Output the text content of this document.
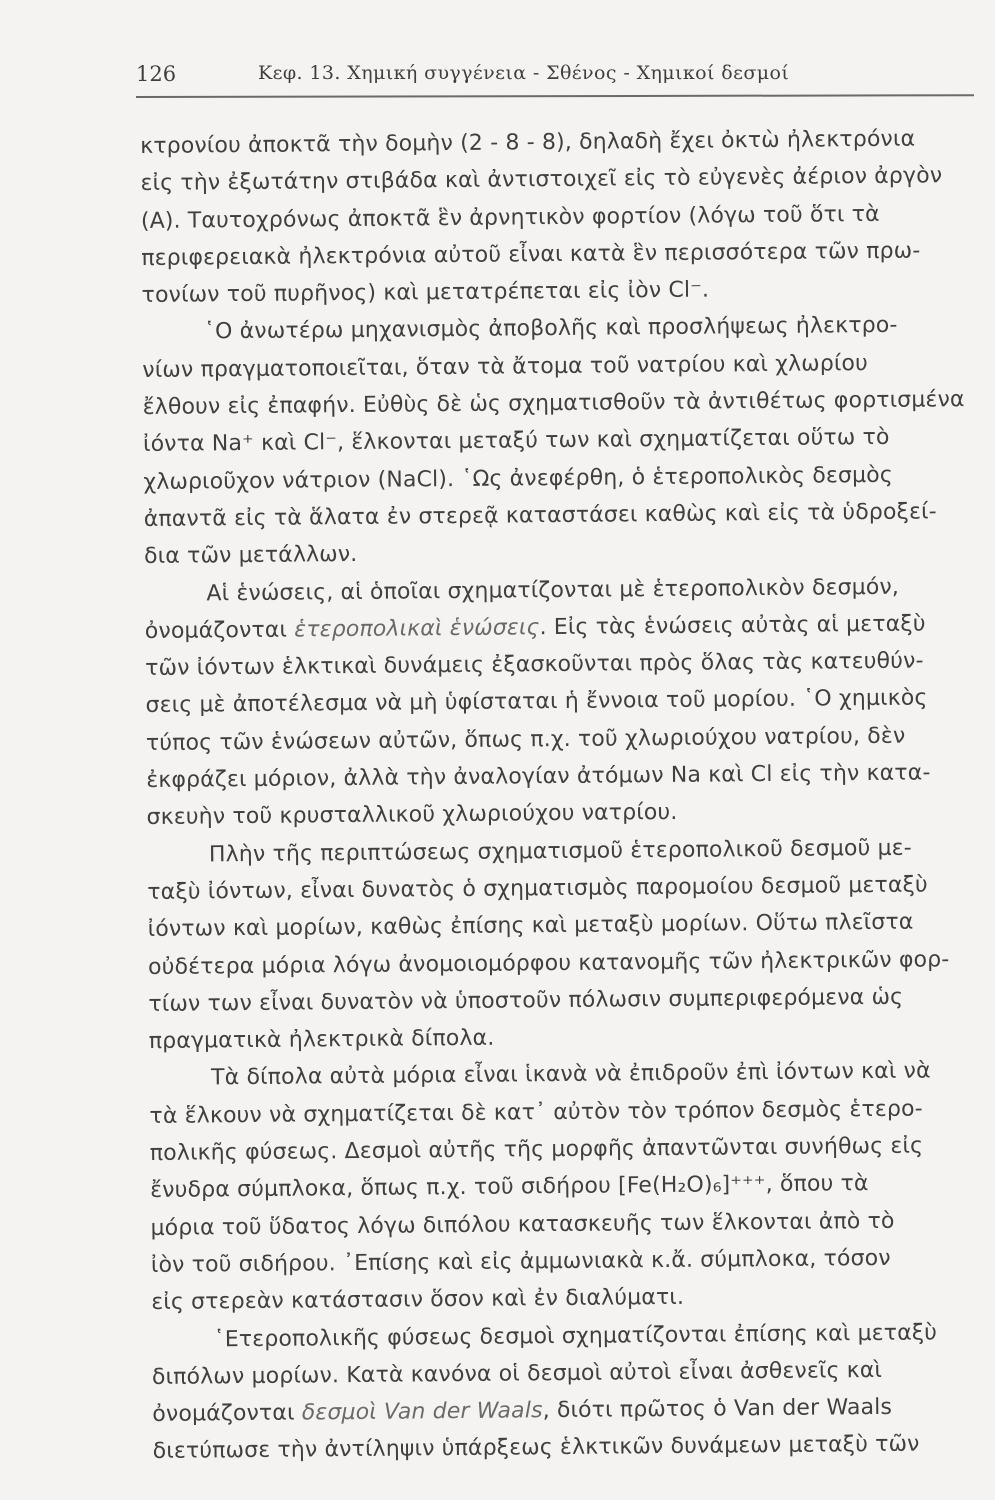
126	Κεφ. 13. Χημική συγγένεια - Σθένος - Χημικοί δεσμοί
κτρονίου ἀποκτᾶ τὴν δομὴν (2 - 8 - 8), δηλαδὴ ἔχει ὀκτὼ ἠλεκτρόνια
εἰς τὴν ἐξωτάτην στιβάδα καὶ ἀντιστοιχεῖ εἰς τὸ εὐγενὲς ἀέριον ἀργὸν
(Α). Ταυτοχρόνως ἀποκτᾶ ἓν ἀρνητικὸν φορτίον (λόγω τοῦ ὅτι τὰ
περιφερειακὰ ἠλεκτρόνια αὐτοῦ εἶναι κατὰ ἓν περισσότερα τῶν πρω-
τονίων τοῦ πυρῆνος) καὶ μετατρέπεται εἰς ἰὸν Cl⁻.
῾Ο ἀνωτέρω μηχανισμὸς ἀποβολῆς καὶ προσλήψεως ἠλεκτρο-
νίων πραγματοποιεῖται, ὅταν τὰ ἄτομα τοῦ νατρίου καὶ χλωρίου
ἔλθουν εἰς ἐπαφήν. Εὐθὺς δὲ ὡς σχηματισθοῦν τὰ ἀντιθέτως φορτισμένα
ἰόντα Na⁺ καὶ Cl⁻, ἕλκονται μεταξύ των καὶ σχηματίζεται οὕτω τὸ
χλωριοῦχον νάτριον (NaCl). ῾Ως ἀνεφέρθη, ὁ ἑτεροπολικὸς δεσμὸς
ἀπαντᾶ εἰς τὰ ἅλατα ἐν στερεᾷ καταστάσει καθὼς καὶ εἰς τὰ ὑδροξεί-
δια τῶν μετάλλων.
Αἱ ἑνώσεις, αἱ ὁποῖαι σχηματίζονται μὲ ἑτεροπολικὸν δεσμόν,
ὀνομάζονται ἑτεροπολικαὶ ἑνώσεις. Εἰς τὰς ἑνώσεις αὐτὰς αἱ μεταξὺ
τῶν ἰόντων ἑλκτικαὶ δυνάμεις ἐξασκοῦνται πρὸς ὅλας τὰς κατευθύν-
σεις μὲ ἀποτέλεσμα νὰ μὴ ὑφίσταται ἡ ἔννοια τοῦ μορίου. ῾Ο χημικὸς
τύπος τῶν ἑνώσεων αὐτῶν, ὅπως π.χ. τοῦ χλωριούχου νατρίου, δὲν
ἐκφράζει μόριον, ἀλλὰ τὴν ἀναλογίαν ἀτόμων Na καὶ Cl εἰς τὴν κατα-
σκευὴν τοῦ κρυσταλλικοῦ χλωριούχου νατρίου.
Πλὴν τῆς περιπτώσεως σχηματισμοῦ ἑτεροπολικοῦ δεσμοῦ με-
ταξὺ ἰόντων, εἶναι δυνατὸς ὁ σχηματισμὸς παρομοίου δεσμοῦ μεταξὺ
ἰόντων καὶ μορίων, καθὼς ἐπίσης καὶ μεταξὺ μορίων. Οὕτω πλεῖστα
οὐδέτερα μόρια λόγω ἀνομοιομόρφου κατανομῆς τῶν ἠλεκτρικῶν φορ-
τίων των εἶναι δυνατὸν νὰ ὑποστοῦν πόλωσιν συμπεριφερόμενα ὡς
πραγματικὰ ἠλεκτρικὰ δίπολα.
Τὰ δίπολα αὐτὰ μόρια εἶναι ἱκανὰ νὰ ἐπιδροῦν ἐπὶ ἰόντων καὶ νὰ
τὰ ἕλκουν νὰ σχηματίζεται δὲ κατ᾽ αὐτὸν τὸν τρόπον δεσμὸς ἑτερο-
πολικῆς φύσεως. Δεσμοὶ αὐτῆς τῆς μορφῆς ἀπαντῶνται συνήθως εἰς
ἔνυδρα σύμπλοκα, ὅπως π.χ. τοῦ σιδήρου [Fe(H₂O)₆]⁺⁺⁺, ὅπου τὰ
μόρια τοῦ ὕδατος λόγω διπόλου κατασκευῆς των ἕλκονται ἀπὸ τὸ
ἰὸν τοῦ σιδήρου. ᾽Επίσης καὶ εἰς ἀμμωνιακὰ κ.ἄ. σύμπλοκα, τόσον
εἰς στερεὰν κατάστασιν ὅσον καὶ ἐν διαλύματι.
῾Ετεροπολικῆς φύσεως δεσμοὶ σχηματίζονται ἐπίσης καὶ μεταξὺ
διπόλων μορίων. Κατὰ κανόνα οἱ δεσμοὶ αὐτοὶ εἶναι ἀσθενεῖς καὶ
ὀνομάζονται δεσμοὶ Van der Waals, διότι πρῶτος ὁ Van der Waals
διετύπωσε τὴν ἀντίληψιν ὑπάρξεως ἑλκτικῶν δυνάμεων μεταξὺ τῶν
